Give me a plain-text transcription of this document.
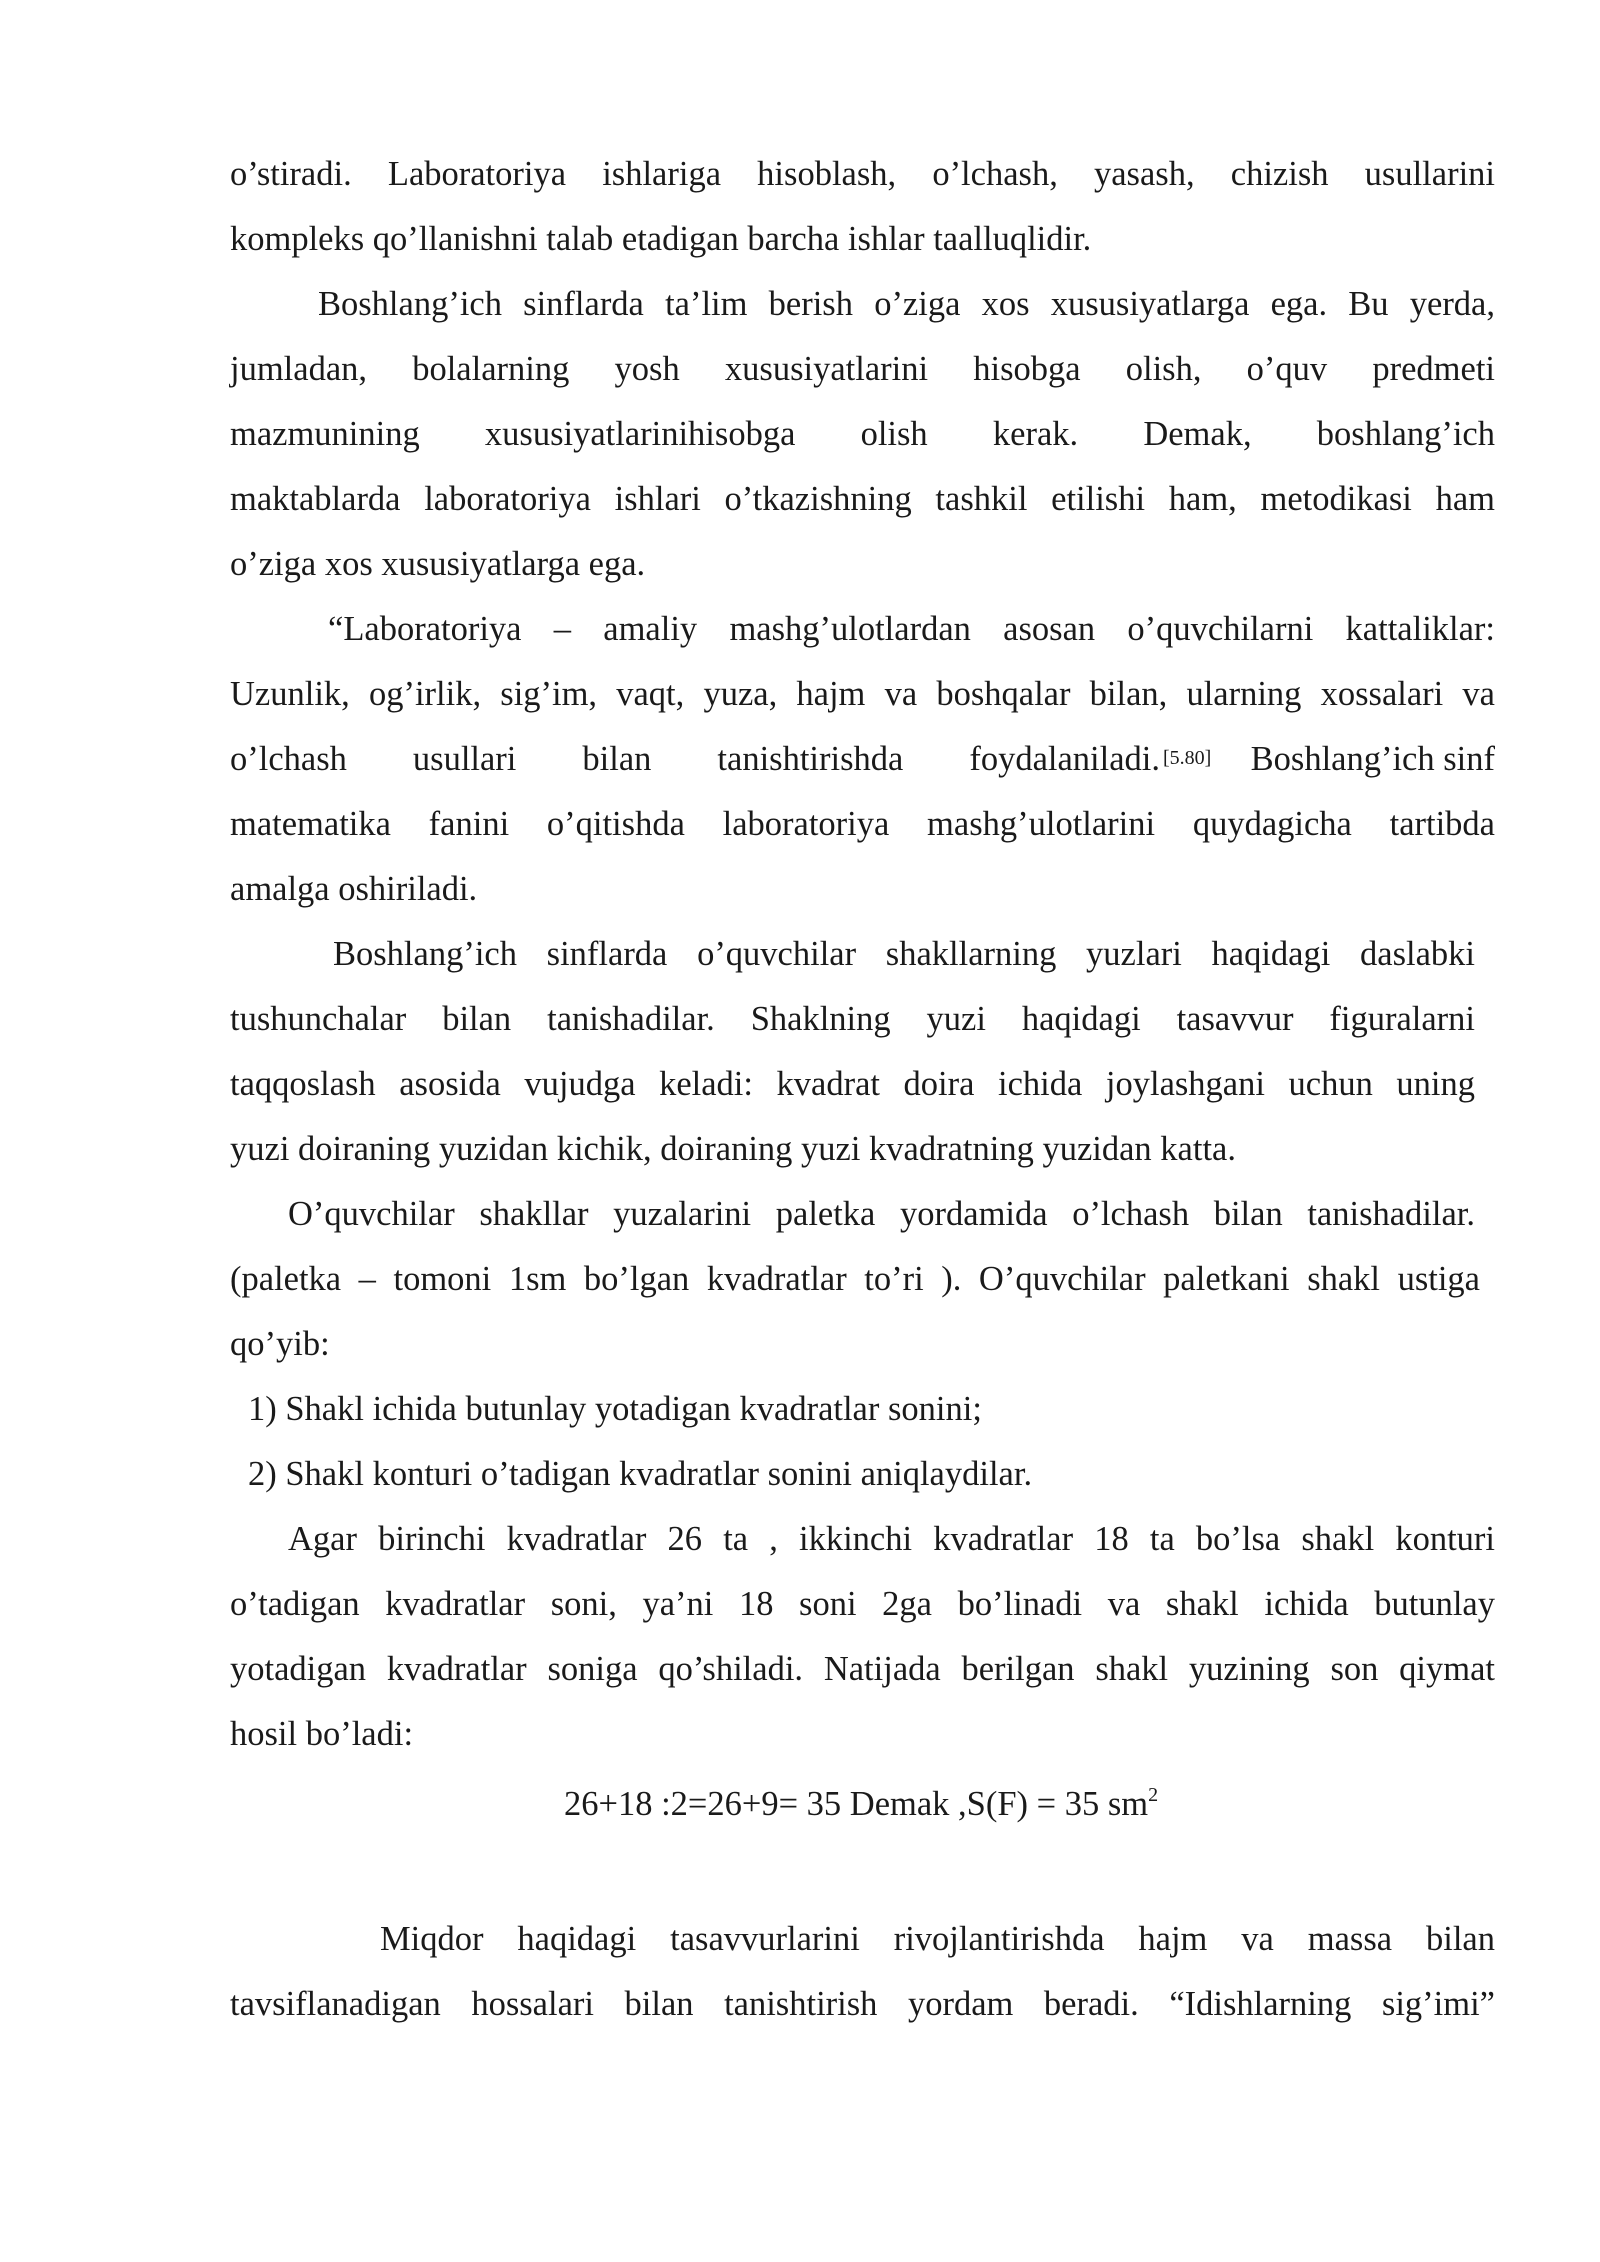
o’stiradi. Laboratoriya ishlariga hisoblash, o’lchash, yasash, chizish usullarini
kompleks qo’llanishni talab etadigan barcha ishlar taalluqlidir.
Boshlang’ich sinflarda ta’lim berish o’ziga xos xususiyatlarga ega. Bu yerda,
jumladan, bolalarning yosh xususiyatlarini hisobga olish, o’quv predmeti
mazmunining xususiyatlarinihisobga olish kerak. Demak, boshlang’ich
maktablarda laboratoriya ishlari o’tkazishning tashkil etilishi ham, metodikasi ham
o’ziga xos xususiyatlarga ega.
“Laboratoriya – amaliy mashg’ulotlardan asosan o’quvchilarni kattaliklar:
Uzunlik, og’irlik, sig’im, vaqt, yuza, hajm va boshqalar bilan, ularning xossalari va
o’lchash usullari bilan tanishtirishda foydalaniladi. [5.80]	Boshlang’ich sinf
matematika fanini o’qitishda laboratoriya mashg’ulotlarini quydagicha tartibda
amalga oshiriladi.
Boshlang’ich sinflarda o’quvchilar shakllarning yuzlari haqidagi daslabki
tushunchalar bilan tanishadilar. Shaklning yuzi haqidagi tasavvur figuralarni
taqqoslash asosida vujudga keladi: kvadrat doira ichida joylashgani uchun uning
yuzi doiraning yuzidan kichik, doiraning yuzi kvadratning yuzidan katta.
O’quvchilar shakllar yuzalarini paletka yordamida o’lchash bilan tanishadilar.
(paletka – tomoni 1sm bo’lgan kvadratlar to’ri ). O’quvchilar paletkani shakl ustiga
qo’yib:
1) Shakl ichida butunlay yotadigan kvadratlar sonini;
2) Shakl konturi o’tadigan kvadratlar sonini aniqlaydilar.
Agar birinchi kvadratlar 26 ta , ikkinchi kvadratlar 18 ta bo’lsa shakl konturi
o’tadigan kvadratlar soni, ya’ni 18 soni 2ga bo’linadi va shakl ichida butunlay
yotadigan kvadratlar soniga qo’shiladi. Natijada berilgan shakl yuzining son qiymat
hosil bo’ladi:
26+18 :2=26+9= 35 Demak ,S(F) = 35 $sm^2$
Miqdor haqidagi tasavvurlarini rivojlantirishda hajm va massa bilan
tavsiflanadigan hossalari bilan tanishtirish yordam beradi. “Idishlarning sig’imi”
